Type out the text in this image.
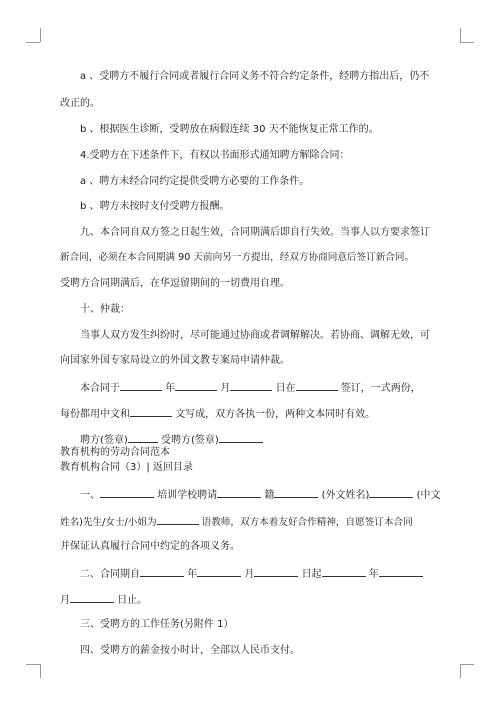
a 、受聘方不履行合同或者履行合同义务不符合约定条件，经聘方指出后，仍不
改正的。
b 、根据医生诊断，受聘放在病假连续 30 天不能恢复正常工作的。
4.受聘方在下述条件下，有权以书面形式通知聘方解除合同：
a 、聘方未经合同约定提供受聘方必要的工作条件。
b 、聘方未按时支付受聘方报酬。
九、本合同自双方签之日起生效，合同期满后即自行失效。当事人以方要求签订
新合同，必须在本合同期满 90 天前向另一方提出，经双方协商同意后签订新合同。
受聘方合同期满后，在华逗留期间的一切费用自理。
十、仲裁：
当事人双方发生纠纷时，尽可能通过协商或者调解解决。若协商、调解无效，可
向国家外国专家局设立的外国文教专案局申请仲裁。
本合同于	年	月	日在	签订，一式两份，
每份都用中文和	文写成，双方各执一份，两种文本同时有效。
聘方(签章)	受聘方(签章)
教育机构的劳动合同范本
教育机构合同（3）| 返回目录
一、	培训学校聘请	籍	(外文姓名)	(中文
姓名)先生/女士/小姐为	语教师，双方本着友好合作精神，自愿签订本合同
并保证认真履行合同中约定的各项义务。
二、合同期自	年	月	日起	年
月	日止。
三、受聘方的工作任务(另附件 1）
四、受聘方的薪金按小时计，全部以人民币支付。
